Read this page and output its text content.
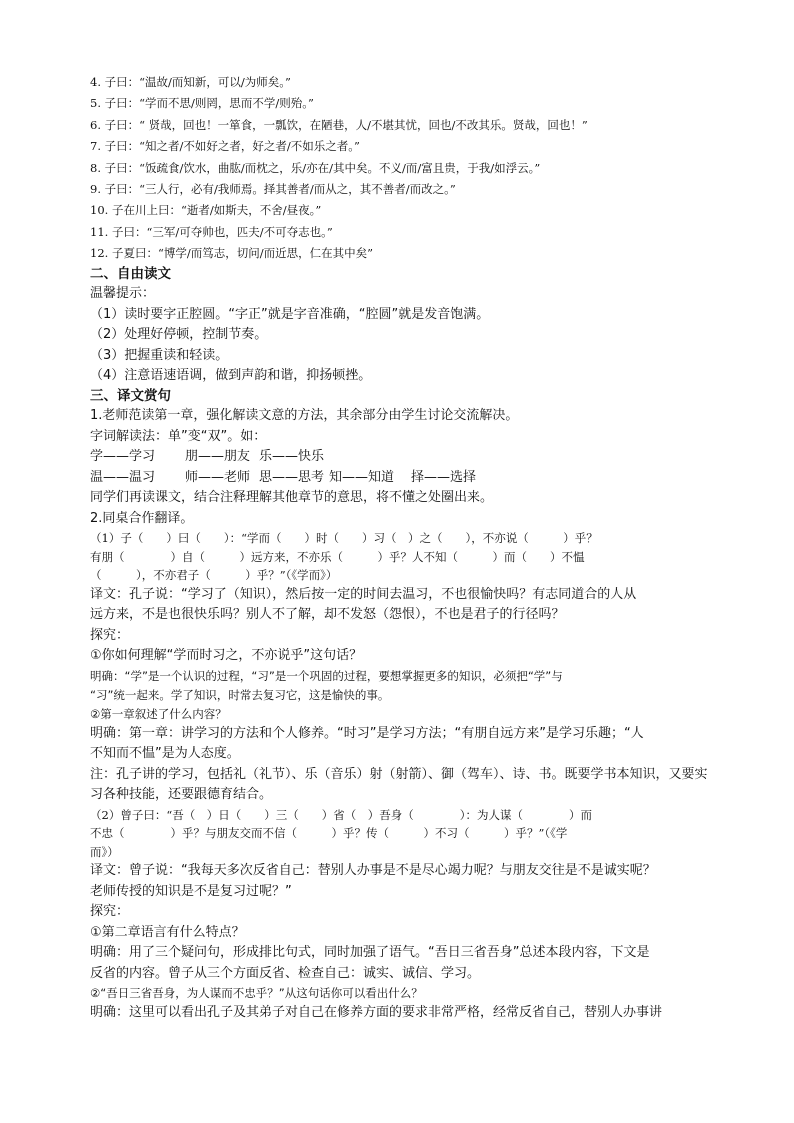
4. 子曰：“温故/而知新，可以/为师矣。”
5. 子曰：“学而不思/则罔，思而不学/则殆。”
6. 子曰：“ 贤哉，回也！一箪食，一瓢饮，在陋巷，人/不堪其忧，回也/不改其乐。贤哉，回也！”
7. 子曰：“知之者/不如好之者，好之者/不如乐之者。”
8. 子曰：“饭疏食/饮水，曲肱/而枕之，乐/亦在/其中矣。不义/而/富且贵，于我/如浮云。”
9. 子曰：“三人行，必有/我师焉。择其善者/而从之，其不善者/而改之。”
10. 子在川上曰：“逝者/如斯夫，不舍/昼夜。”
11. 子曰：“三军/可夺帅也，匹夫/不可夺志也。”
12. 子夏曰：“博学/而笃志，切问/而近思，仁在其中矣”
二、自由读文
温馨提示：
（1）读时要字正腔圆。“字正”就是字音准确，“腔圆”就是发音饱满。
（2）处理好停顿，控制节奏。
（3）把握重读和轻读。
（4）注意语速语调，做到声韵和谐，抑扬顿挫。
三、译文赏句
1.老师范读第一章，强化解读文意的方法，其余部分由学生讨论交流解决。
字词解读法：单”变“双”。如：
学——学习 朋——朋友 乐——快乐
温——温习 师——老师 思——思考 知——知道 择——选择
同学们再读课文，结合注释理解其他章节的意思，将不懂之处圈出来。
2.同桌合作翻译。
（1）子（　　）曰（　　）：“学而（　　）时（　　）习（　）之（　　），不亦说（　　　）乎？
有朋（　　　　）自（　　　）远方来，不亦乐（　　　）乎？人不知（　　　）而（　　）不愠
（　　　），不亦君子（　　　）乎？”（《学而》）
译文：孔子说：“学习了（知识），然后按一定的时间去温习，不也很愉快吗？有志同道合的人从
远方来，不是也很快乐吗？别人不了解，却不发怒（怨恨），不也是君子的行径吗？
探究：
①你如何理解“学而时习之，不亦说乎”这句话？
明确：“学”是一个认识的过程，“习”是一个巩固的过程，要想掌握更多的知识，必须把“学”与
“习”统一起来。学了知识，时常去复习它，这是愉快的事。
②第一章叙述了什么内容？
明确：第一章：讲学习的方法和个人修养。“时习”是学习方法；“有朋自远方来”是学习乐趣；“人
不知而不愠”是为人态度。
注：孔子讲的学习，包括礼（礼节）、乐（音乐）射（射箭）、御（驾车）、诗、书。既要学书本知识，又要实
习各种技能，还要跟德育结合。
（2）曾子曰：“吾（　）日（　　）三（　　）省（　）吾身（　　　　）：为人谋（　　　　）而
不忠（　　　　）乎？与朋友交而不信（　　　）乎？传（　　　）不习（　　　）乎？”（《学
而》）
译文：曾子说：“我每天多次反省自己：替别人办事是不是尽心竭力呢？与朋友交往是不是诚实呢？
老师传授的知识是不是复习过呢？”
探究：
①第二章语言有什么特点？
明确：用了三个疑问句，形成排比句式，同时加强了语气。“吾日三省吾身”总述本段内容，下文是
反省的内容。曾子从三个方面反省、检查自己：诚实、诚信、学习。
②“吾日三省吾身，为人谋而不忠乎？”从这句话你可以看出什么？
明确：这里可以看出孔子及其弟子对自己在修养方面的要求非常严格，经常反省自己，替别人办事讲
